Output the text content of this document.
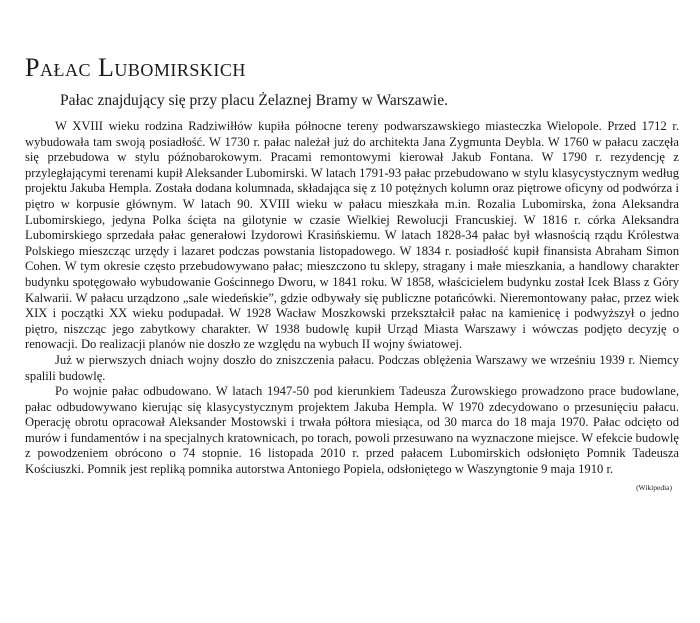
Pałac Lubomirskich

Pałac znajdujący się przy placu Żelaznej Bramy w Warszawie.

W XVIII wieku rodzina Radziwiłłów kupiła północne tereny podwarszawskiego miasteczka Wielopole. Przed 1712 r. wybudowała tam swoją posiadłość. W 1730 r. pałac należał już do architekta Jana Zygmunta Deybla. W 1760 w pałacu zaczęła się przebudowa w stylu późnobarokowym. Pracami remontowymi kierował Jakub Fontana. W 1790 r. rezydencję z przyległającymi terenami kupił Aleksander Lubomirski. W latach 1791-93 pałac przebudowano w stylu klasycystycznym według projektu Jakuba Hempla. Została dodana kolumnada, składająca się z 10 potężnych kolumn oraz piętrowe oficyny od podwórza i piętro w korpusie głównym. W latach 90. XVIII wieku w pałacu mieszkała m.in. Rozalia Lubomirska, żona Aleksandra Lubomirskiego, jedyna Polka ścięta na gilotynie w czasie Wielkiej Rewolucji Francuskiej. W 1816 r. córka Aleksandra Lubomirskiego sprzedała pałac generałowi Izydorowi Krasińskiemu. W latach 1828-34 pałac był własnością rządu Królestwa Polskiego mieszcząc urzędy i lazaret podczas powstania listopadowego. W 1834 r. posiadłość kupił finansista Abraham Simon Cohen. W tym okresie często przebudowywano pałac; mieszczono tu sklepy, stragany i małe mieszkania, a handlowy charakter budynku spotęgowało wybudowanie Gościnnego Dworu, w 1841 roku. W 1858, właścicielem budynku został Icek Blass z Góry Kalwarii. W pałacu urządzono „sale wiedeńskie”, gdzie odbywały się publiczne potańcówki. Nieremontowany pałac, przez wiek XIX i początki XX wieku podupadał. W 1928 Wacław Moszkowski przekształcił pałac na kamienicę i podwyższył o jedno piętro, niszcząc jego zabytkowy charakter. W 1938 budowlę kupił Urząd Miasta Warszawy i wówczas podjęto decyzję o renowacji. Do realizacji planów nie doszło ze względu na wybuch II wojny światowej.

Już w pierwszych dniach wojny doszło do zniszczenia pałacu. Podczas oblężenia Warszawy we wrześniu 1939 r. Niemcy spalili budowlę.

Po wojnie pałac odbudowano. W latach 1947-50 pod kierunkiem Tadeusza Żurowskiego prowadzono prace budowlane, pałac odbudowywano kierując się klasycystycznym projektem Jakuba Hempla. W 1970 zdecydowano o przesunięciu pałacu. Operację obrotu opracował Aleksander Mostowski i trwała półtora miesiąca, od 30 marca do 18 maja 1970. Pałac odcięto od murów i fundamentów i na specjalnych kratownicach, po torach, powoli przesuwano na wyznaczone miejsce. W efekcie budowlę z powodzeniem obrócono o 74 stopnie. 16 listopada 2010 r. przed pałacem Lubomirskich odsłonięto Pomnik Tadeusza Kościuszki. Pomnik jest repliką pomnika autorstwa Antoniego Popiela, odsłoniętego w Waszyngtonie 9 maja 1910 r.

(Wikipedia)
